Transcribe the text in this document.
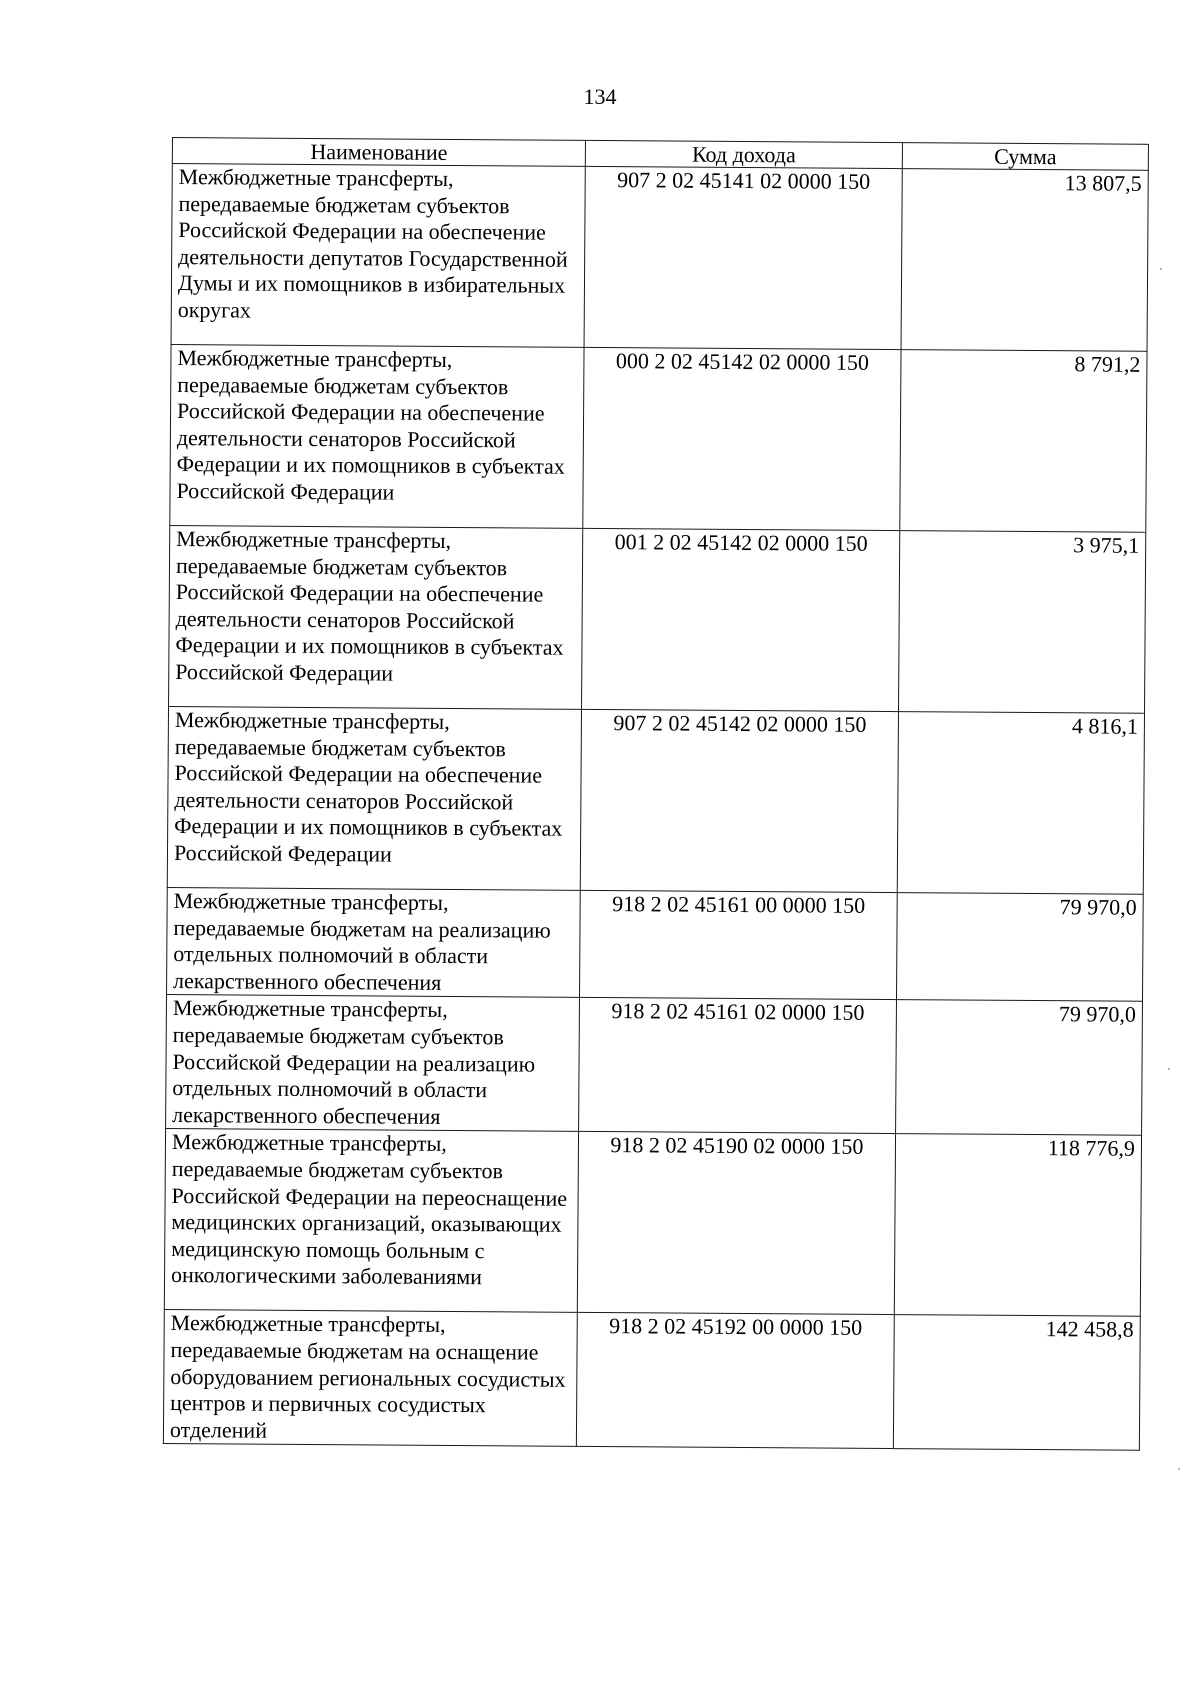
134
Наименование	Код дохода	Сумма
Межбюджетные трансферты, передаваемые бюджетам субъектов Российской Федерации на обеспечение деятельности депутатов Государственной Думы и их помощников в избирательных округах	907 2 02 45141 02 0000 150	13 807,5
Межбюджетные трансферты, передаваемые бюджетам субъектов Российской Федерации на обеспечение деятельности сенаторов Российской Федерации и их помощников в субъектах Российской Федерации	000 2 02 45142 02 0000 150	8 791,2
Межбюджетные трансферты, передаваемые бюджетам субъектов Российской Федерации на обеспечение деятельности сенаторов Российской Федерации и их помощников в субъектах Российской Федерации	001 2 02 45142 02 0000 150	3 975,1
Межбюджетные трансферты, передаваемые бюджетам субъектов Российской Федерации на обеспечение деятельности сенаторов Российской Федерации и их помощников в субъектах Российской Федерации	907 2 02 45142 02 0000 150	4 816,1
Межбюджетные трансферты, передаваемые бюджетам на реализацию отдельных полномочий в области лекарственного обеспечения	918 2 02 45161 00 0000 150	79 970,0
Межбюджетные трансферты, передаваемые бюджетам субъектов Российской Федерации на реализацию отдельных полномочий в области лекарственного обеспечения	918 2 02 45161 02 0000 150	79 970,0
Межбюджетные трансферты, передаваемые бюджетам субъектов Российской Федерации на переоснащение медицинских организаций, оказывающих медицинскую помощь больным с онкологическими заболеваниями	918 2 02 45190 02 0000 150	118 776,9
Межбюджетные трансферты, передаваемые бюджетам на оснащение оборудованием региональных сосудистых центров и первичных сосудистых отделений	918 2 02 45192 00 0000 150	142 458,8
